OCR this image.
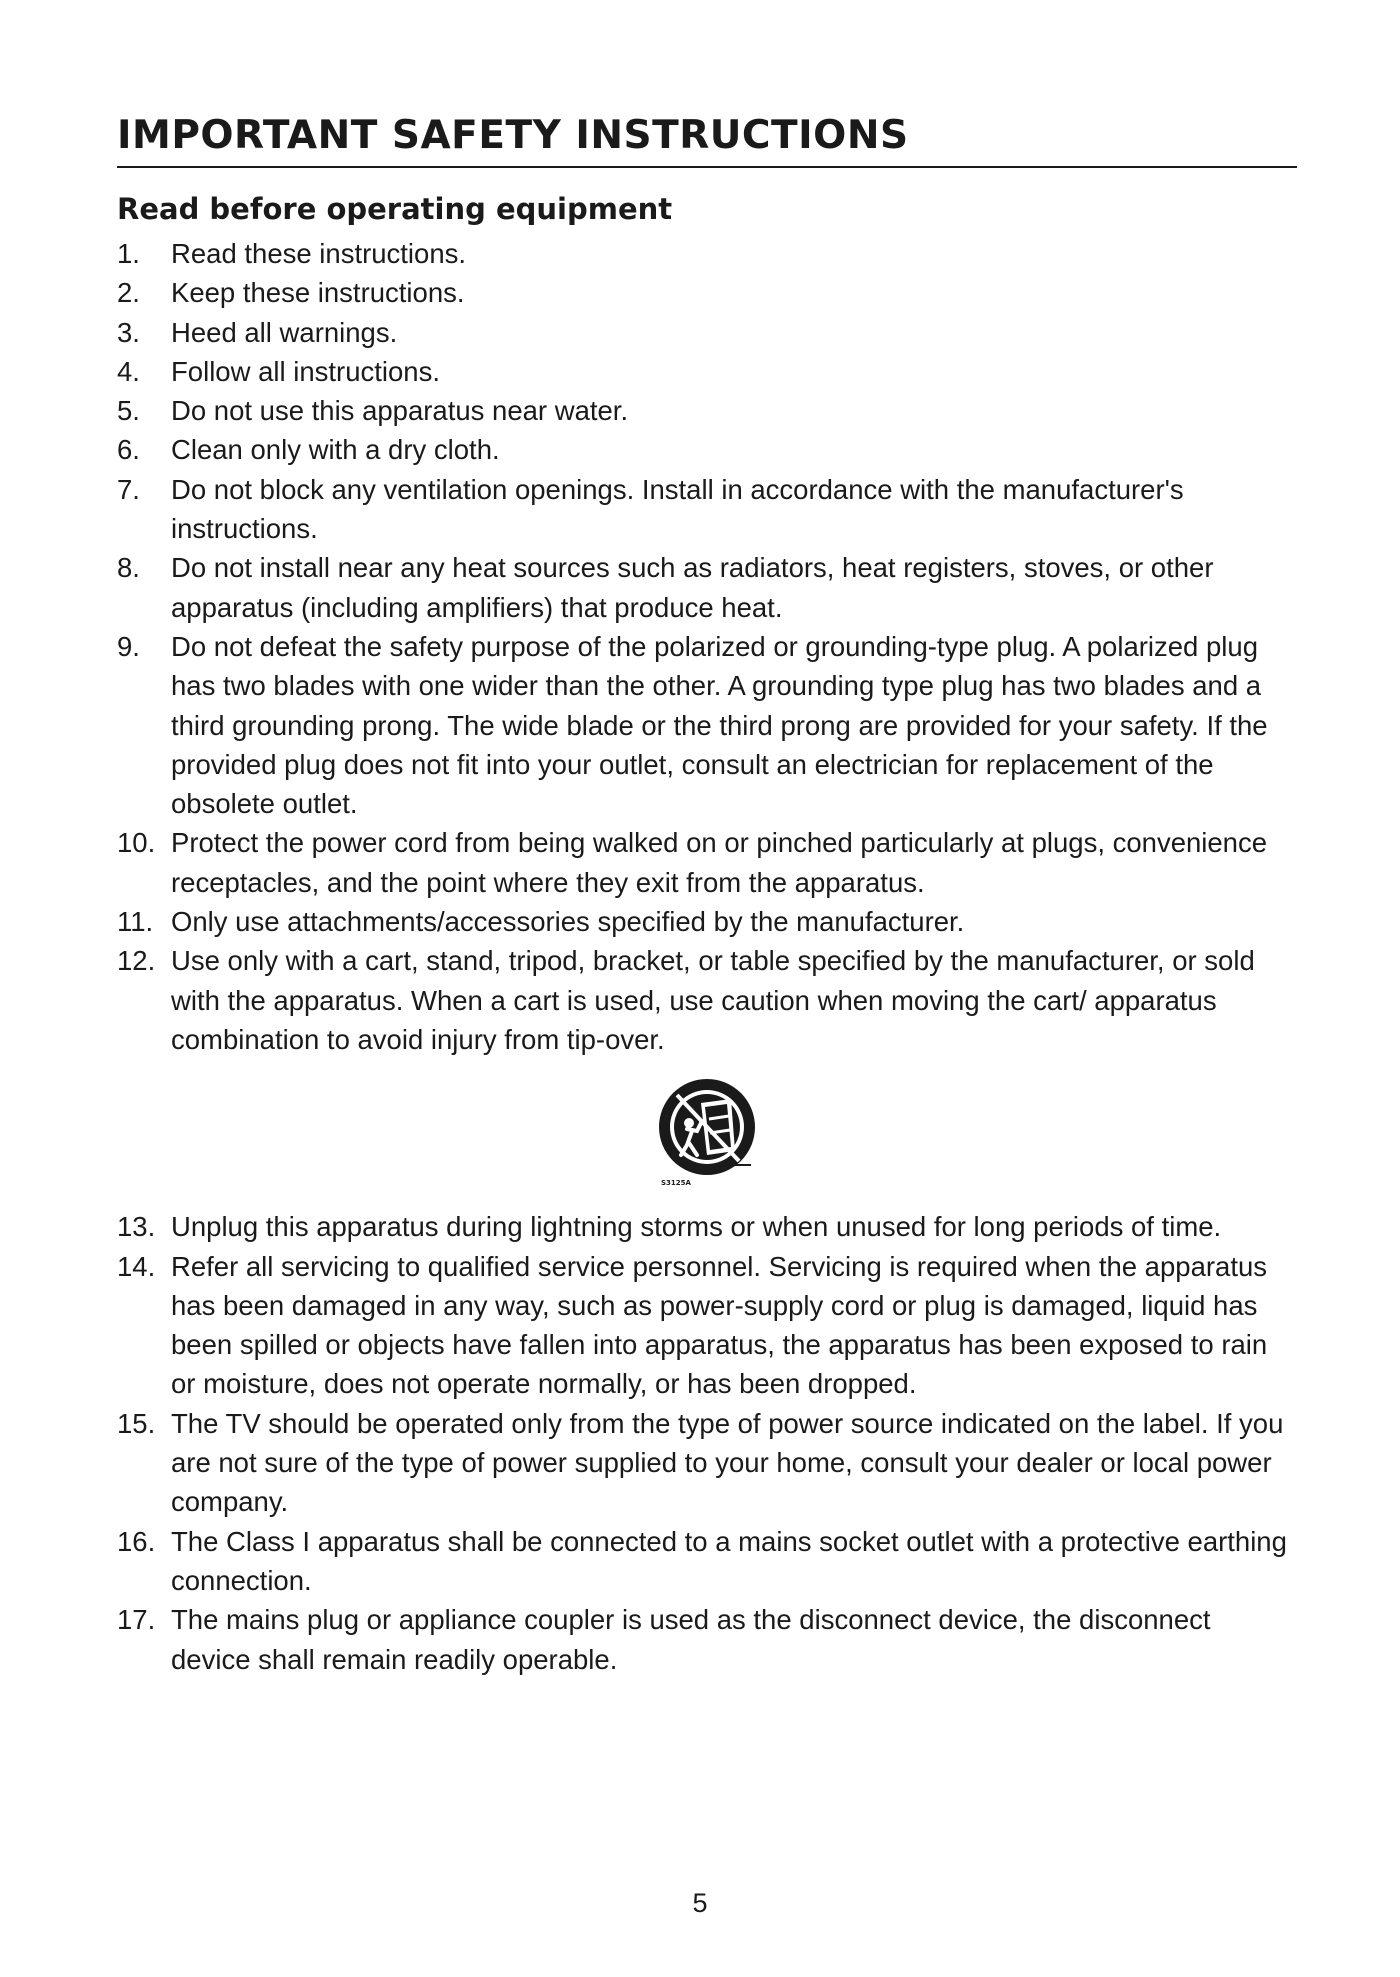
IMPORTANT SAFETY INSTRUCTIONS
Read before operating equipment
1. Read these instructions.
2. Keep these instructions.
3. Heed all warnings.
4. Follow all instructions.
5. Do not use this apparatus near water.
6. Clean only with a dry cloth.
7. Do not block any ventilation openings. Install in accordance with the manufacturer's instructions.
8. Do not install near any heat sources such as radiators, heat registers, stoves, or other apparatus (including amplifiers) that produce heat.
9. Do not defeat the safety purpose of the polarized or grounding-type plug. A polarized plug has two blades with one wider than the other. A grounding type plug has two blades and a third grounding prong. The wide blade or the third prong are provided for your safety. If the provided plug does not fit into your outlet, consult an electrician for replacement of the obsolete outlet.
10. Protect the power cord from being walked on or pinched particularly at plugs, convenience receptacles, and the point where they exit from the apparatus.
11. Only use attachments/accessories specified by the manufacturer.
12. Use only with a cart, stand, tripod, bracket, or table specified by the manufacturer, or sold with the apparatus. When a cart is used, use caution when moving the cart/ apparatus combination to avoid injury from tip-over.
S3125A
13. Unplug this apparatus during lightning storms or when unused for long periods of time.
14. Refer all servicing to qualified service personnel. Servicing is required when the apparatus has been damaged in any way, such as power-supply cord or plug is damaged, liquid has been spilled or objects have fallen into apparatus, the apparatus has been exposed to rain or moisture, does not operate normally, or has been dropped.
15. The TV should be operated only from the type of power source indicated on the label. If you are not sure of the type of power supplied to your home, consult your dealer or local power company.
16. The Class I apparatus shall be connected to a mains socket outlet with a protective earthing connection.
17. The mains plug or appliance coupler is used as the disconnect device, the disconnect device shall remain readily operable.
5
